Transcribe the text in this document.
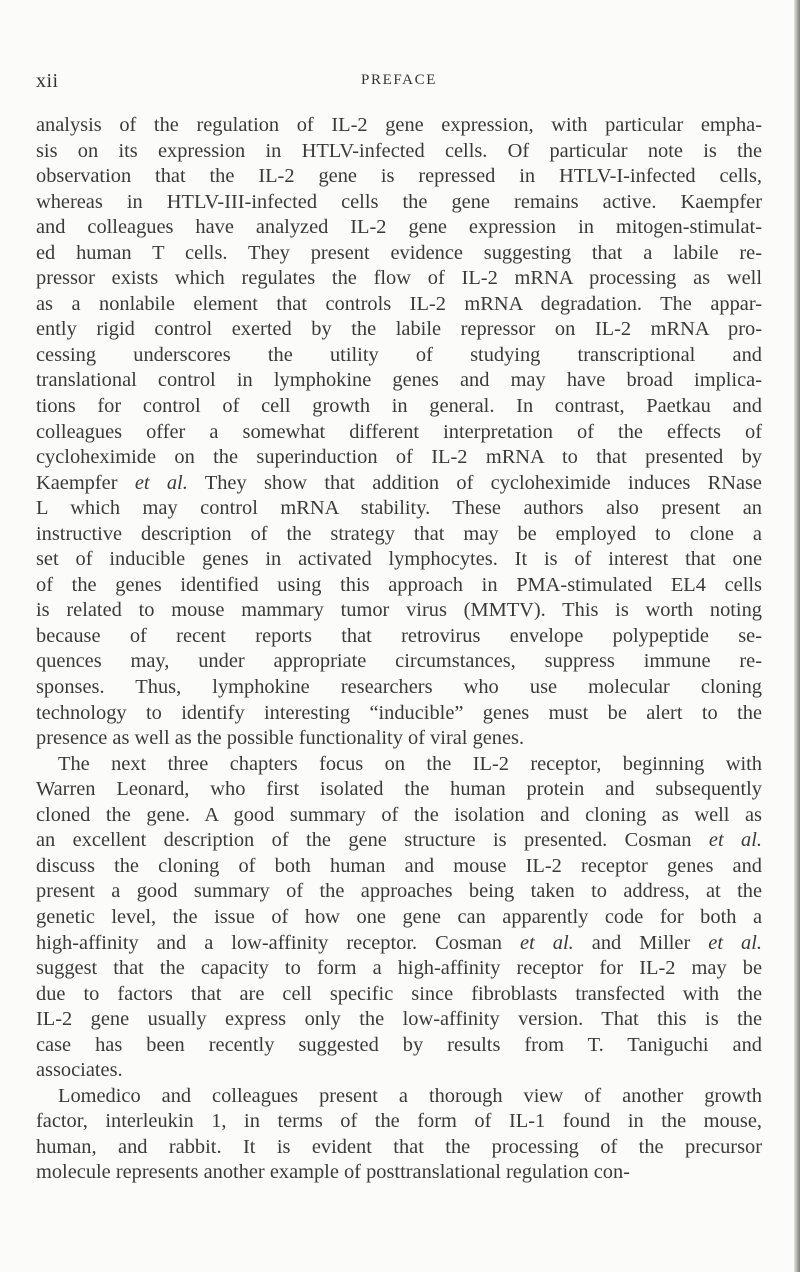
xii	PREFACE
analysis of the regulation of IL-2 gene expression, with particular empha-
sis on its expression in HTLV-infected cells. Of particular note is the
observation that the IL-2 gene is repressed in HTLV-I-infected cells,
whereas in HTLV-III-infected cells the gene remains active. Kaempfer
and colleagues have analyzed IL-2 gene expression in mitogen-stimulat-
ed human T cells. They present evidence suggesting that a labile re-
pressor exists which regulates the flow of IL-2 mRNA processing as well
as a nonlabile element that controls IL-2 mRNA degradation. The appar-
ently rigid control exerted by the labile repressor on IL-2 mRNA pro-
cessing underscores the utility of studying transcriptional and
translational control in lymphokine genes and may have broad implica-
tions for control of cell growth in general. In contrast, Paetkau and
colleagues offer a somewhat different interpretation of the effects of
cycloheximide on the superinduction of IL-2 mRNA to that presented by
Kaempfer et al. They show that addition of cycloheximide induces RNase
L which may control mRNA stability. These authors also present an
instructive description of the strategy that may be employed to clone a
set of inducible genes in activated lymphocytes. It is of interest that one
of the genes identified using this approach in PMA-stimulated EL4 cells
is related to mouse mammary tumor virus (MMTV). This is worth noting
because of recent reports that retrovirus envelope polypeptide se-
quences may, under appropriate circumstances, suppress immune re-
sponses. Thus, lymphokine researchers who use molecular cloning
technology to identify interesting “inducible” genes must be alert to the
presence as well as the possible functionality of viral genes.
The next three chapters focus on the IL-2 receptor, beginning with
Warren Leonard, who first isolated the human protein and subsequently
cloned the gene. A good summary of the isolation and cloning as well as
an excellent description of the gene structure is presented. Cosman et al.
discuss the cloning of both human and mouse IL-2 receptor genes and
present a good summary of the approaches being taken to address, at the
genetic level, the issue of how one gene can apparently code for both a
high-affinity and a low-affinity receptor. Cosman et al. and Miller et al.
suggest that the capacity to form a high-affinity receptor for IL-2 may be
due to factors that are cell specific since fibroblasts transfected with the
IL-2 gene usually express only the low-affinity version. That this is the
case has been recently suggested by results from T. Taniguchi and
associates.
Lomedico and colleagues present a thorough view of another growth
factor, interleukin 1, in terms of the form of IL-1 found in the mouse,
human, and rabbit. It is evident that the processing of the precursor
molecule represents another example of posttranslational regulation con-
